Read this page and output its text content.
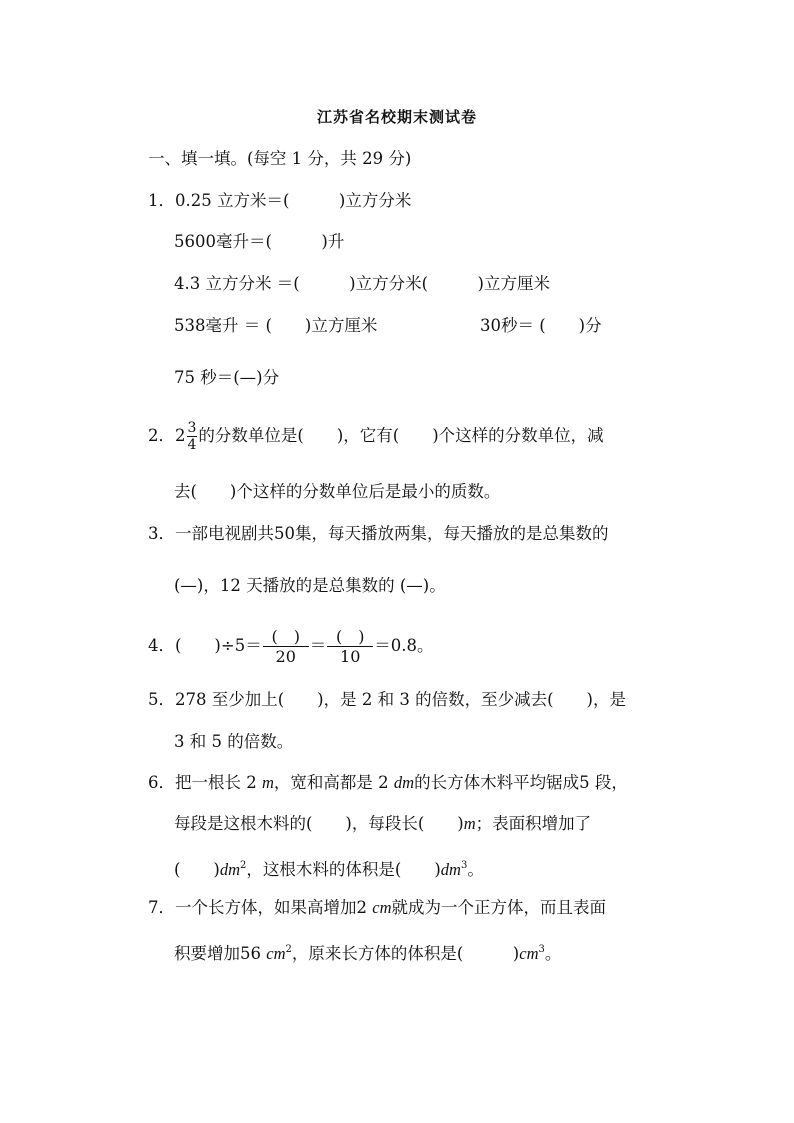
江苏省名校期末测试卷
一、填一填。(每空 1 分，共 29 分)
1．0.25 立方米＝(　　　)立方分米
5600毫升＝(　　　)升
4.3 立方分米 ＝(　　　)立方分米(　　　)立方厘米
538毫升 ＝ (　　)立方厘米	30秒＝ (　　)分
75 秒＝(—)分
2．$2 \frac{3}{4}$ 的分数单位是(　　)，它有(　　)个这样的分数单位，减
去(　　)个这样的分数单位后是最小的质数。
3．一部电视剧共50集，每天播放两集，每天播放的是总集数的
(—)，12 天播放的是总集数的 (—)。
4．(　　)$\div 5= \frac{( )}{20} = \frac{( )}{10} =0.8$。
5．278 至少加上(　　)，是 2 和 3 的倍数，至少减去(　　)，是
3 和 5 的倍数。
6．把一根长 2 m，宽和高都是 2 dm的长方体木料平均锯成5 段，
每段是这根木料的(　　)，每段长(　　)m；表面积增加了
(　　)$dm^2$，这根木料的体积是(　　)$dm^3$。
7．一个长方体，如果高增加2 cm就成为一个正方体，而且表面
积要增加56 $cm^2$，原来长方体的体积是(　　　)$cm^3$。
